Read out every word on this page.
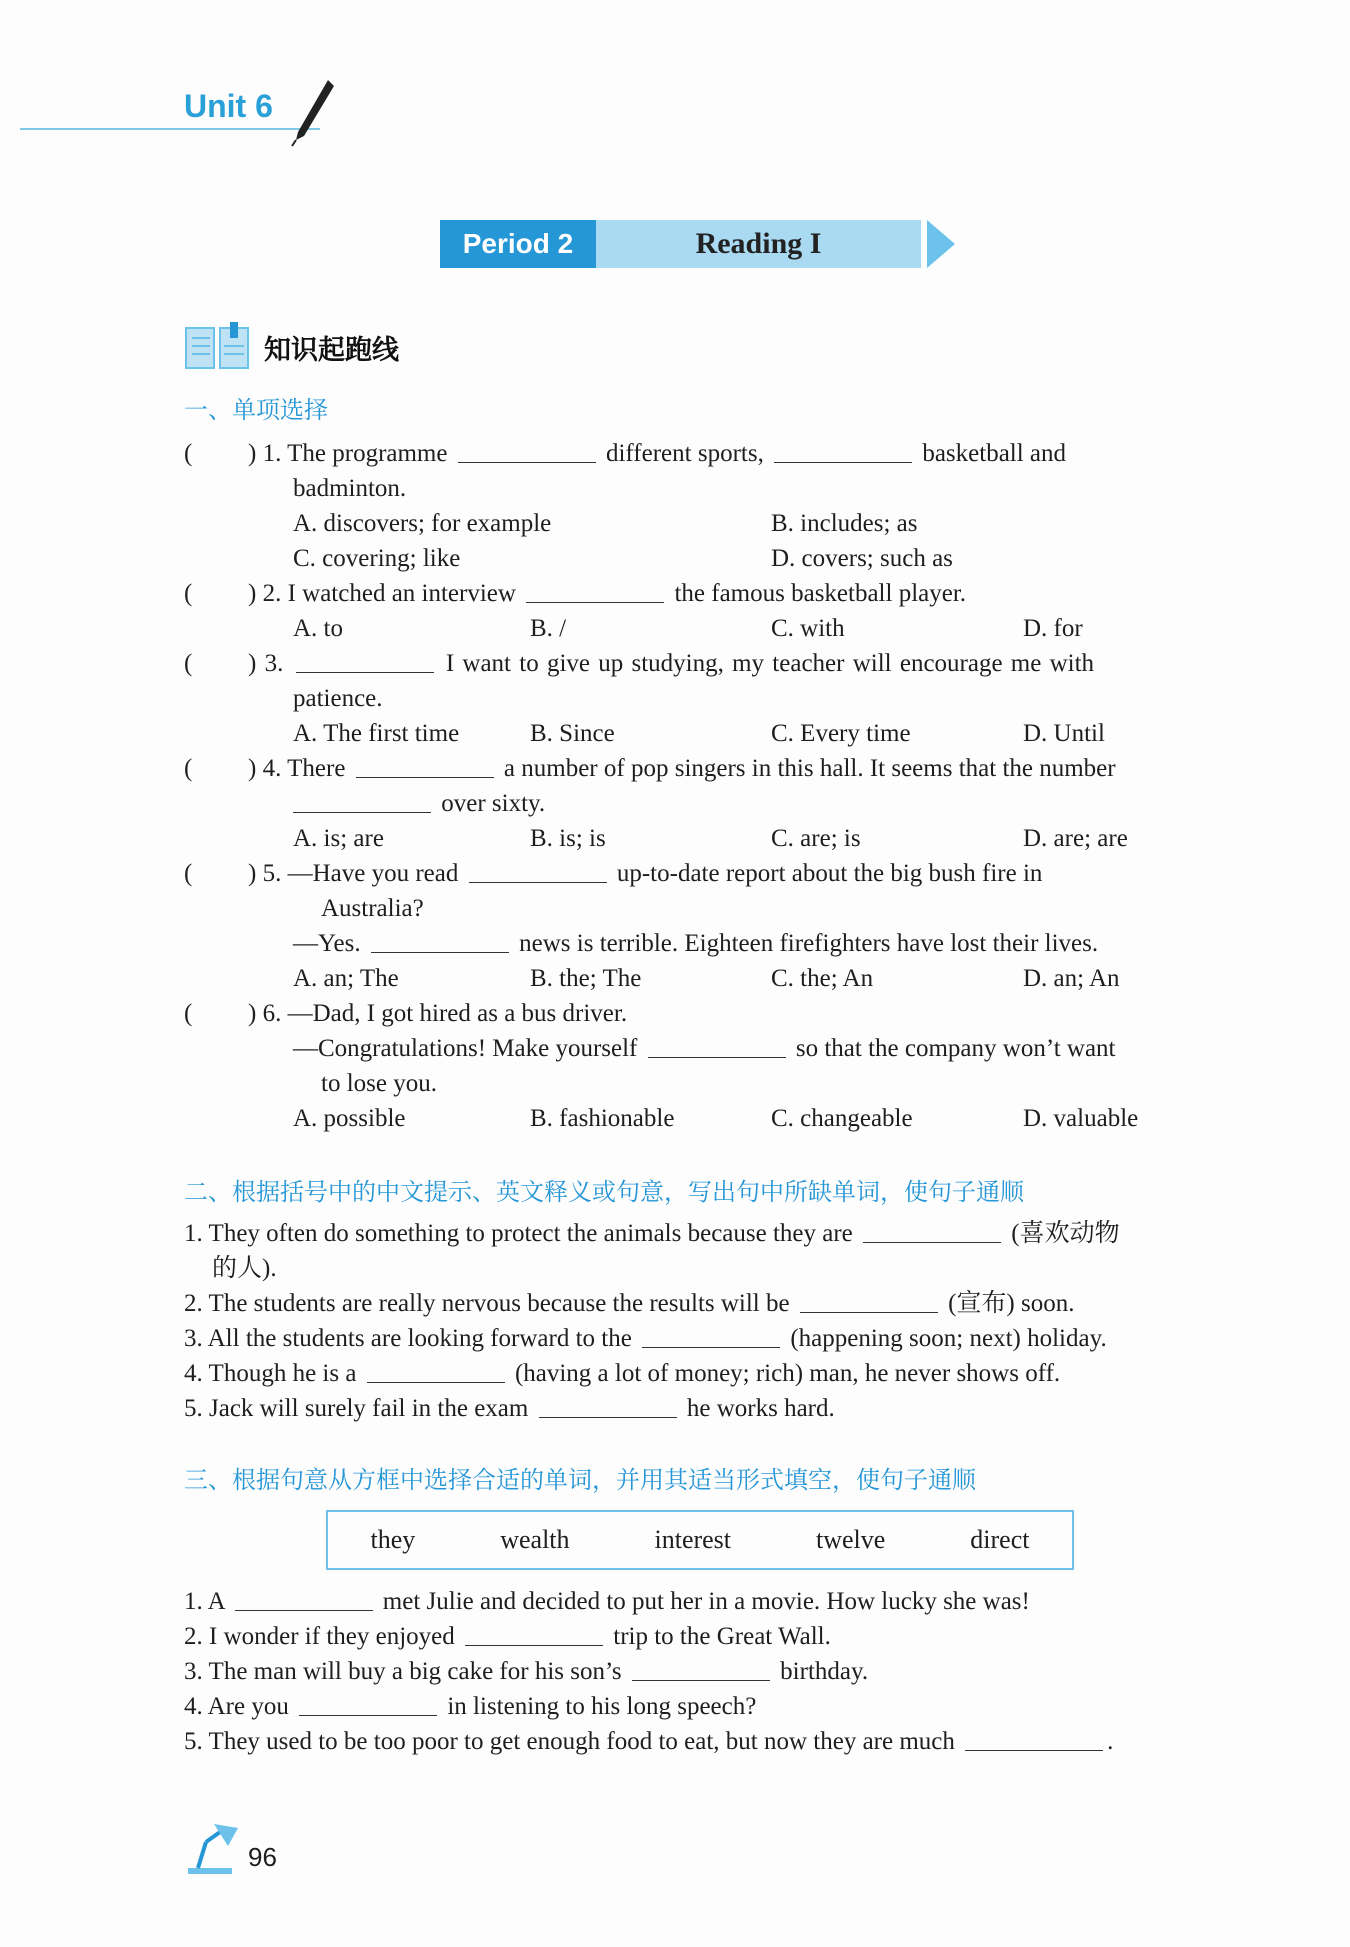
Unit 6
Period 2	Reading I
知识起跑线
一、单项选择
( ) 1. The programme	different sports,	basketball and
badminton.
A. discovers; for example	B. includes; as
C. covering; like	D. covers; such as
( ) 2. I watched an interview	the famous basketball player.
A. to	B. /	C. with	D. for
( ) 3.	I want to give up studying, my teacher will encourage me with
patience.
A. The first time	B. Since	C. Every time	D. Until
( ) 4. There	a number of pop singers in this hall. It seems that the number
over sixty.
A. is; are	B. is; is	C. are; is	D. are; are
( ) 5. —Have you read	up-to-date report about the big bush fire in
Australia?
—Yes.	news is terrible. Eighteen firefighters have lost their lives.
A. an; The	B. the; The	C. the; An	D. an; An
( ) 6. —Dad, I got hired as a bus driver.
—Congratulations! Make yourself	so that the company won’t want
to lose you.
A. possible	B. fashionable	C. changeable	D. valuable
二、根据括号中的中文提示、英文释义或句意，写出句中所缺单词，使句子通顺
1. They often do something to protect the animals because they are	(喜欢动物
的人).
2. The students are really nervous because the results will be	(宣布) soon.
3. All the students are looking forward to the	(happening soon; next) holiday.
4. Though he is a	(having a lot of money; rich) man, he never shows off.
5. Jack will surely fail in the exam	he works hard.
三、根据句意从方框中选择合适的单词，并用其适当形式填空，使句子通顺
they	wealth	interest	twelve	direct
1. A	met Julie and decided to put her in a movie. How lucky she was!
2. I wonder if they enjoyed	trip to the Great Wall.
3. The man will buy a big cake for his son’s	birthday.
4. Are you	in listening to his long speech?
5. They used to be too poor to get enough food to eat, but now they are much	.
96
